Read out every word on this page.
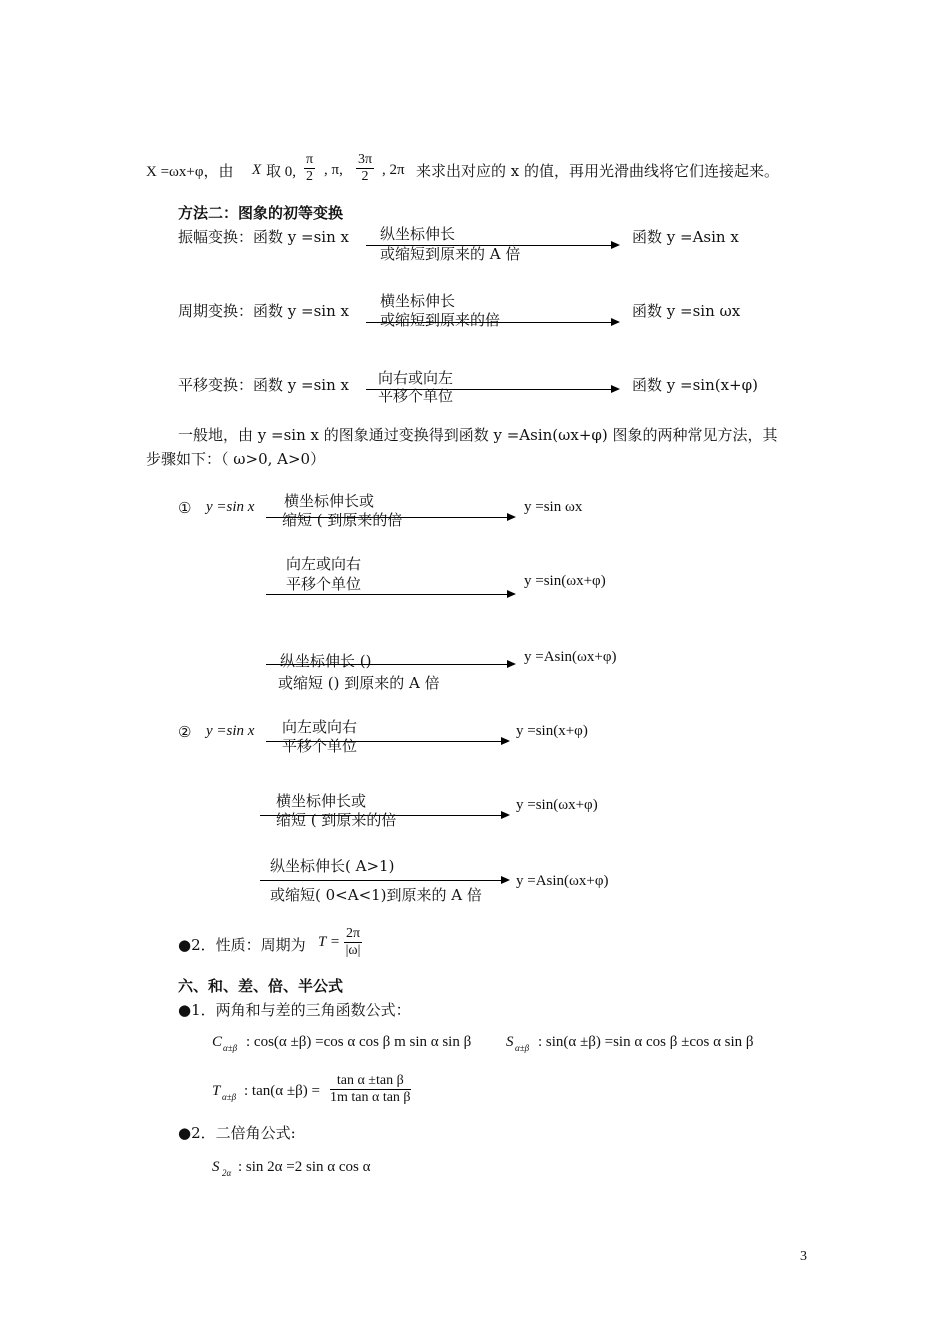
X =ωx+φ，由 X 取 0, $\frac{\pi}{2}$ , π, $\frac{3\pi}{2}$ , 2π 来求出对应的 x 的值，再用光滑曲线将它们连接起来。
方法二：图象的初等变换
振幅变换：函数 y =sin x 纵坐标伸长
或缩短到原来的 A 倍
函数 y =Asin x
周期变换：函数 y =sin x
横坐标伸长
或缩短到原来的倍	函数 y =sin ωx
平移变换：函数 y =sin x 向右或向左
平移个单位
函数 y =sin(x+φ)
一般地，由 y =sin x 的图象通过变换得到函数 y =Asin(ωx+φ) 图象的两种常见方法，其
步骤如下：（ ω>0, A>0）
① y =sin x 横坐标伸长或
缩短 ( 到原来的倍
y =sin ωx
向左或向右
平移个单位	y =sin(ωx+φ)
纵坐标伸长 ()
或缩短 () 到原来的 A 倍
y =Asin(ωx+φ)
② y =sin x 向左或向右
平移个单位
y =sin(x+φ)
横坐标伸长或
缩短 ( 到原来的倍
y =sin(ωx+φ)
纵坐标伸长( A>1)
或缩短( 0<A<1)到原来的 A 倍
y =Asin(ωx+φ)
●2．性质：周期为 $T = \frac{2\pi}{|\omega|}$
六、和、差、倍、半公式
●1．两角和与差的三角函数公式：
C α±β : cos(α ±β) =cos α cos β m sin α sin β S α±β : sin(α ±β) =sin α cos β ±cos α sin β
T α±β : $\tan(\alpha \pm\beta) = \frac{\text{tan α ±tan β}}{\text{1m tan α tan β}}$
●2．二倍角公式:
S 2α : sin 2α =2 sin α cos α
3
